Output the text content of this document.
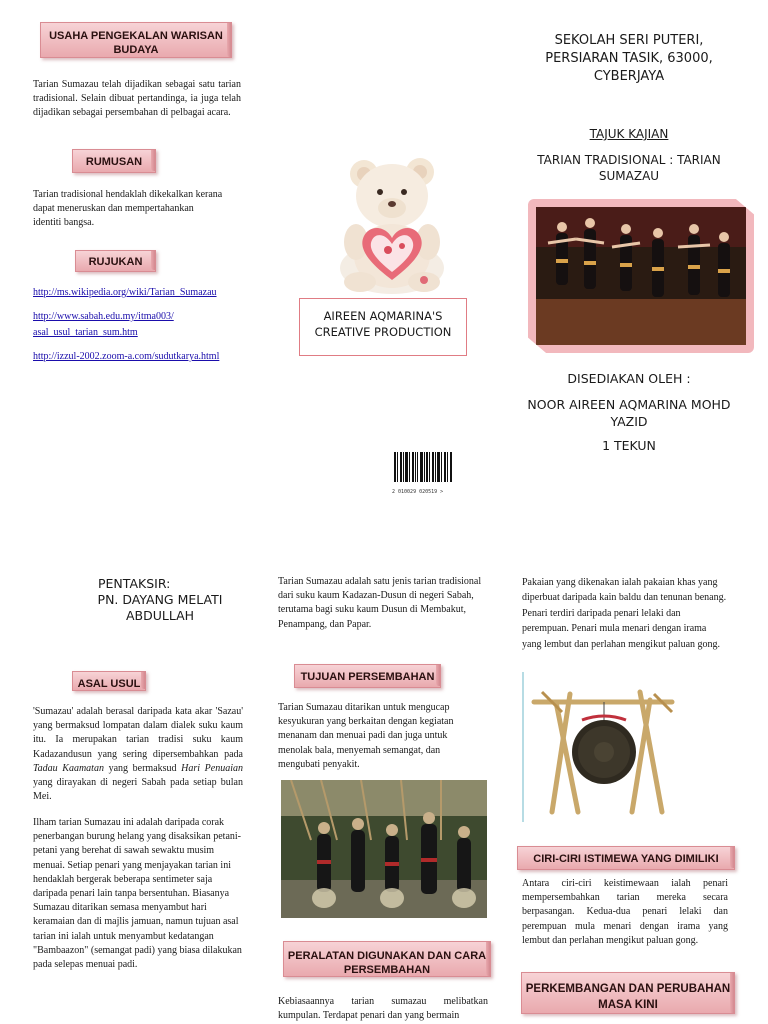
USAHA PENGEKALAN WARISAN BUDAYA
Tarian Sumazau telah dijadikan sebagai satu tarian tradisional. Selain dibuat pertandinga, ia juga telah dijadikan sebagai persembahan di pelbagai acara.
RUMUSAN
Tarian tradisional hendaklah dikekalkan kerana dapat meneruskan dan mempertahankan identiti bangsa.
RUJUKAN
http://ms.wikipedia.org/wiki/Tarian_Sumazau

http://www.sabah.edu.my/itma003/
asal_usul_tarian_sum.htm

http://izzul-2002.zoom-a.com/sudutkarya.html
AIREEN AQMARINA'S CREATIVE PRODUCTION
2 010029 020519 >
SEKOLAH SERI PUTERI, PERSIARAN TASIK, 63000, CYBERJAYA
TAJUK KAJIAN
TARIAN TRADISIONAL : TARIAN SUMAZAU
DISEDIAKAN OLEH :
NOOR AIREEN AQMARINA MOHD YAZID
1 TEKUN
PENTAKSIR:
PN. DAYANG MELATI ABDULLAH
ASAL USUL
'Sumazau' adalah berasal daripada kata akar 'Sazau' yang bermaksud lompatan dalam dialek suku kaum itu. Ia merupakan tarian tradisi suku kaum Kadazandusun yang sering dipersembahkan pada Tadau Kaamatan yang bermaksud Hari Penuaian yang dirayakan di negeri Sabah pada setiap bulan Mei.
Ilham tarian Sumazau ini adalah daripada corak penerbangan burung helang yang disaksikan petani-petani yang berehat di sawah sewaktu musim menuai. Setiap penari yang menjayakan tarian ini hendaklah bergerak beberapa sentimeter saja daripada penari lain tanpa bersentuhan. Biasanya Sumazau ditarikan semasa menyambut hari keramaian dan di majlis jamuan, namun tujuan asal tarian ini ialah untuk menyambut kedatangan "Bambaazon" (semangat padi) yang biasa dilakukan pada selepas menuai padi.
Tarian Sumazau adalah satu jenis tarian tradisional dari suku kaum Kadazan-Dusun di negeri Sabah, terutama bagi suku kaum Dusun di Membakut, Penampang, dan Papar.
TUJUAN PERSEMBAHAN
Tarian Sumazau ditarikan untuk mengucap kesyukuran yang berkaitan dengan kegiatan menanam dan menuai padi dan juga untuk menolak bala, menyemah semangat, dan mengubati penyakit.
PERALATAN DIGUNAKAN DAN CARA PERSEMBAHAN
Kebiasaannya tarian sumazau melibatkan kumpulan. Terdapat penari dan yang bermain
Pakaian yang dikenakan ialah pakaian khas yang diperbuat daripada kain baldu dan tenunan benang. Penari terdiri daripada penari lelaki dan perempuan. Penari mula menari dengan irama yang lembut dan perlahan mengikut paluan gong.
CIRI-CIRI ISTIMEWA YANG DIMILIKI
Antara ciri-ciri keistimewaan ialah penari mempersembahkan tarian mereka secara berpasangan. Kedua-dua penari lelaki dan perempuan mula menari dengan irama yang lembut dan perlahan mengikut paluan gong.
PERKEMBANGAN DAN PERUBAHAN MASA KINI
